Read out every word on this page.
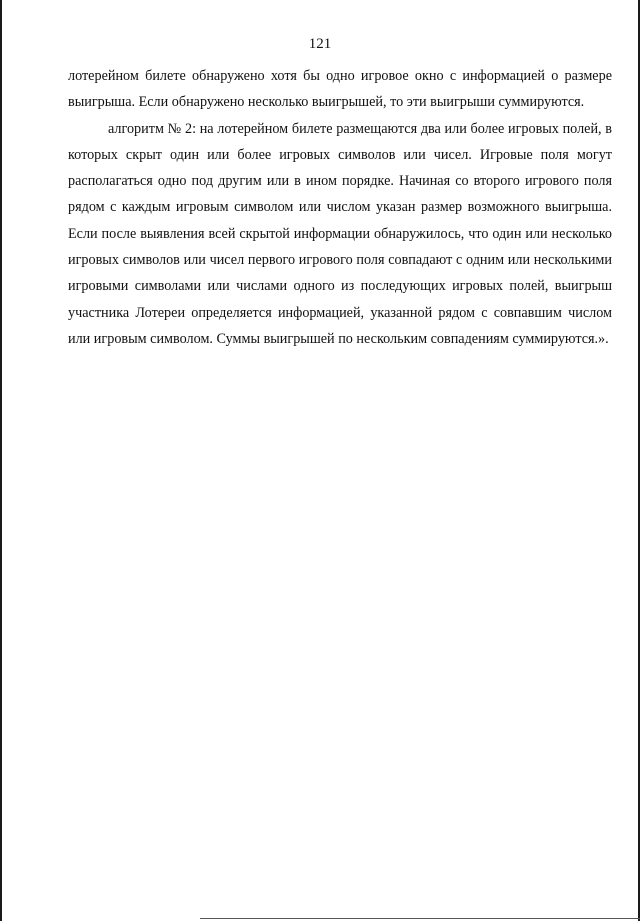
121

лотерейном билете обнаружено хотя бы одно игровое окно с информацией о размере выигрыша. Если обнаружено несколько выигрышей, то эти выигрыши суммируются.

алгоритм № 2: на лотерейном билете размещаются два или более игровых полей, в которых скрыт один или более игровых символов или чисел. Игровые поля могут располагаться одно под другим или в ином порядке. Начиная со второго игрового поля рядом с каждым игровым символом или числом указан размер возможного выигрыша. Если после выявления всей скрытой информации обнаружилось, что один или несколько игровых символов или чисел первого игрового поля совпадают с одним или несколькими игровыми символами или числами одного из последующих игровых полей, выигрыш участника Лотереи определяется информацией, указанной рядом с совпавшим числом или игровым символом. Суммы выигрышей по нескольким совпадениям суммируются.».
